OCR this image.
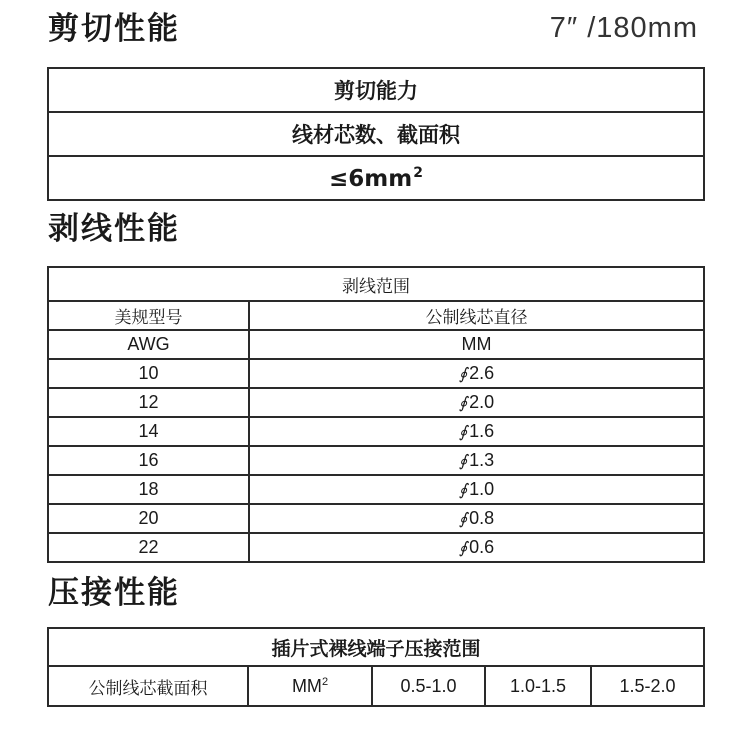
剪切性能	7″ /180mm
剪切能力
线材芯数、截面积
$\le 6mm^2$
剥线性能
剥线范围	
美规型号	公制线芯直径
AWG	MM
10	∮ 2.6
12	∮ 2.0
14	∮ 1.6
16	∮ 1.3
18	∮ 1.0
20	∮ 0.8
22	∮ 0.6
压接性能
插片式裸线端子压接范围
公制线芯截面积	$MM^2$	0.5-1.0	1.0-1.5	1.5-2.0
